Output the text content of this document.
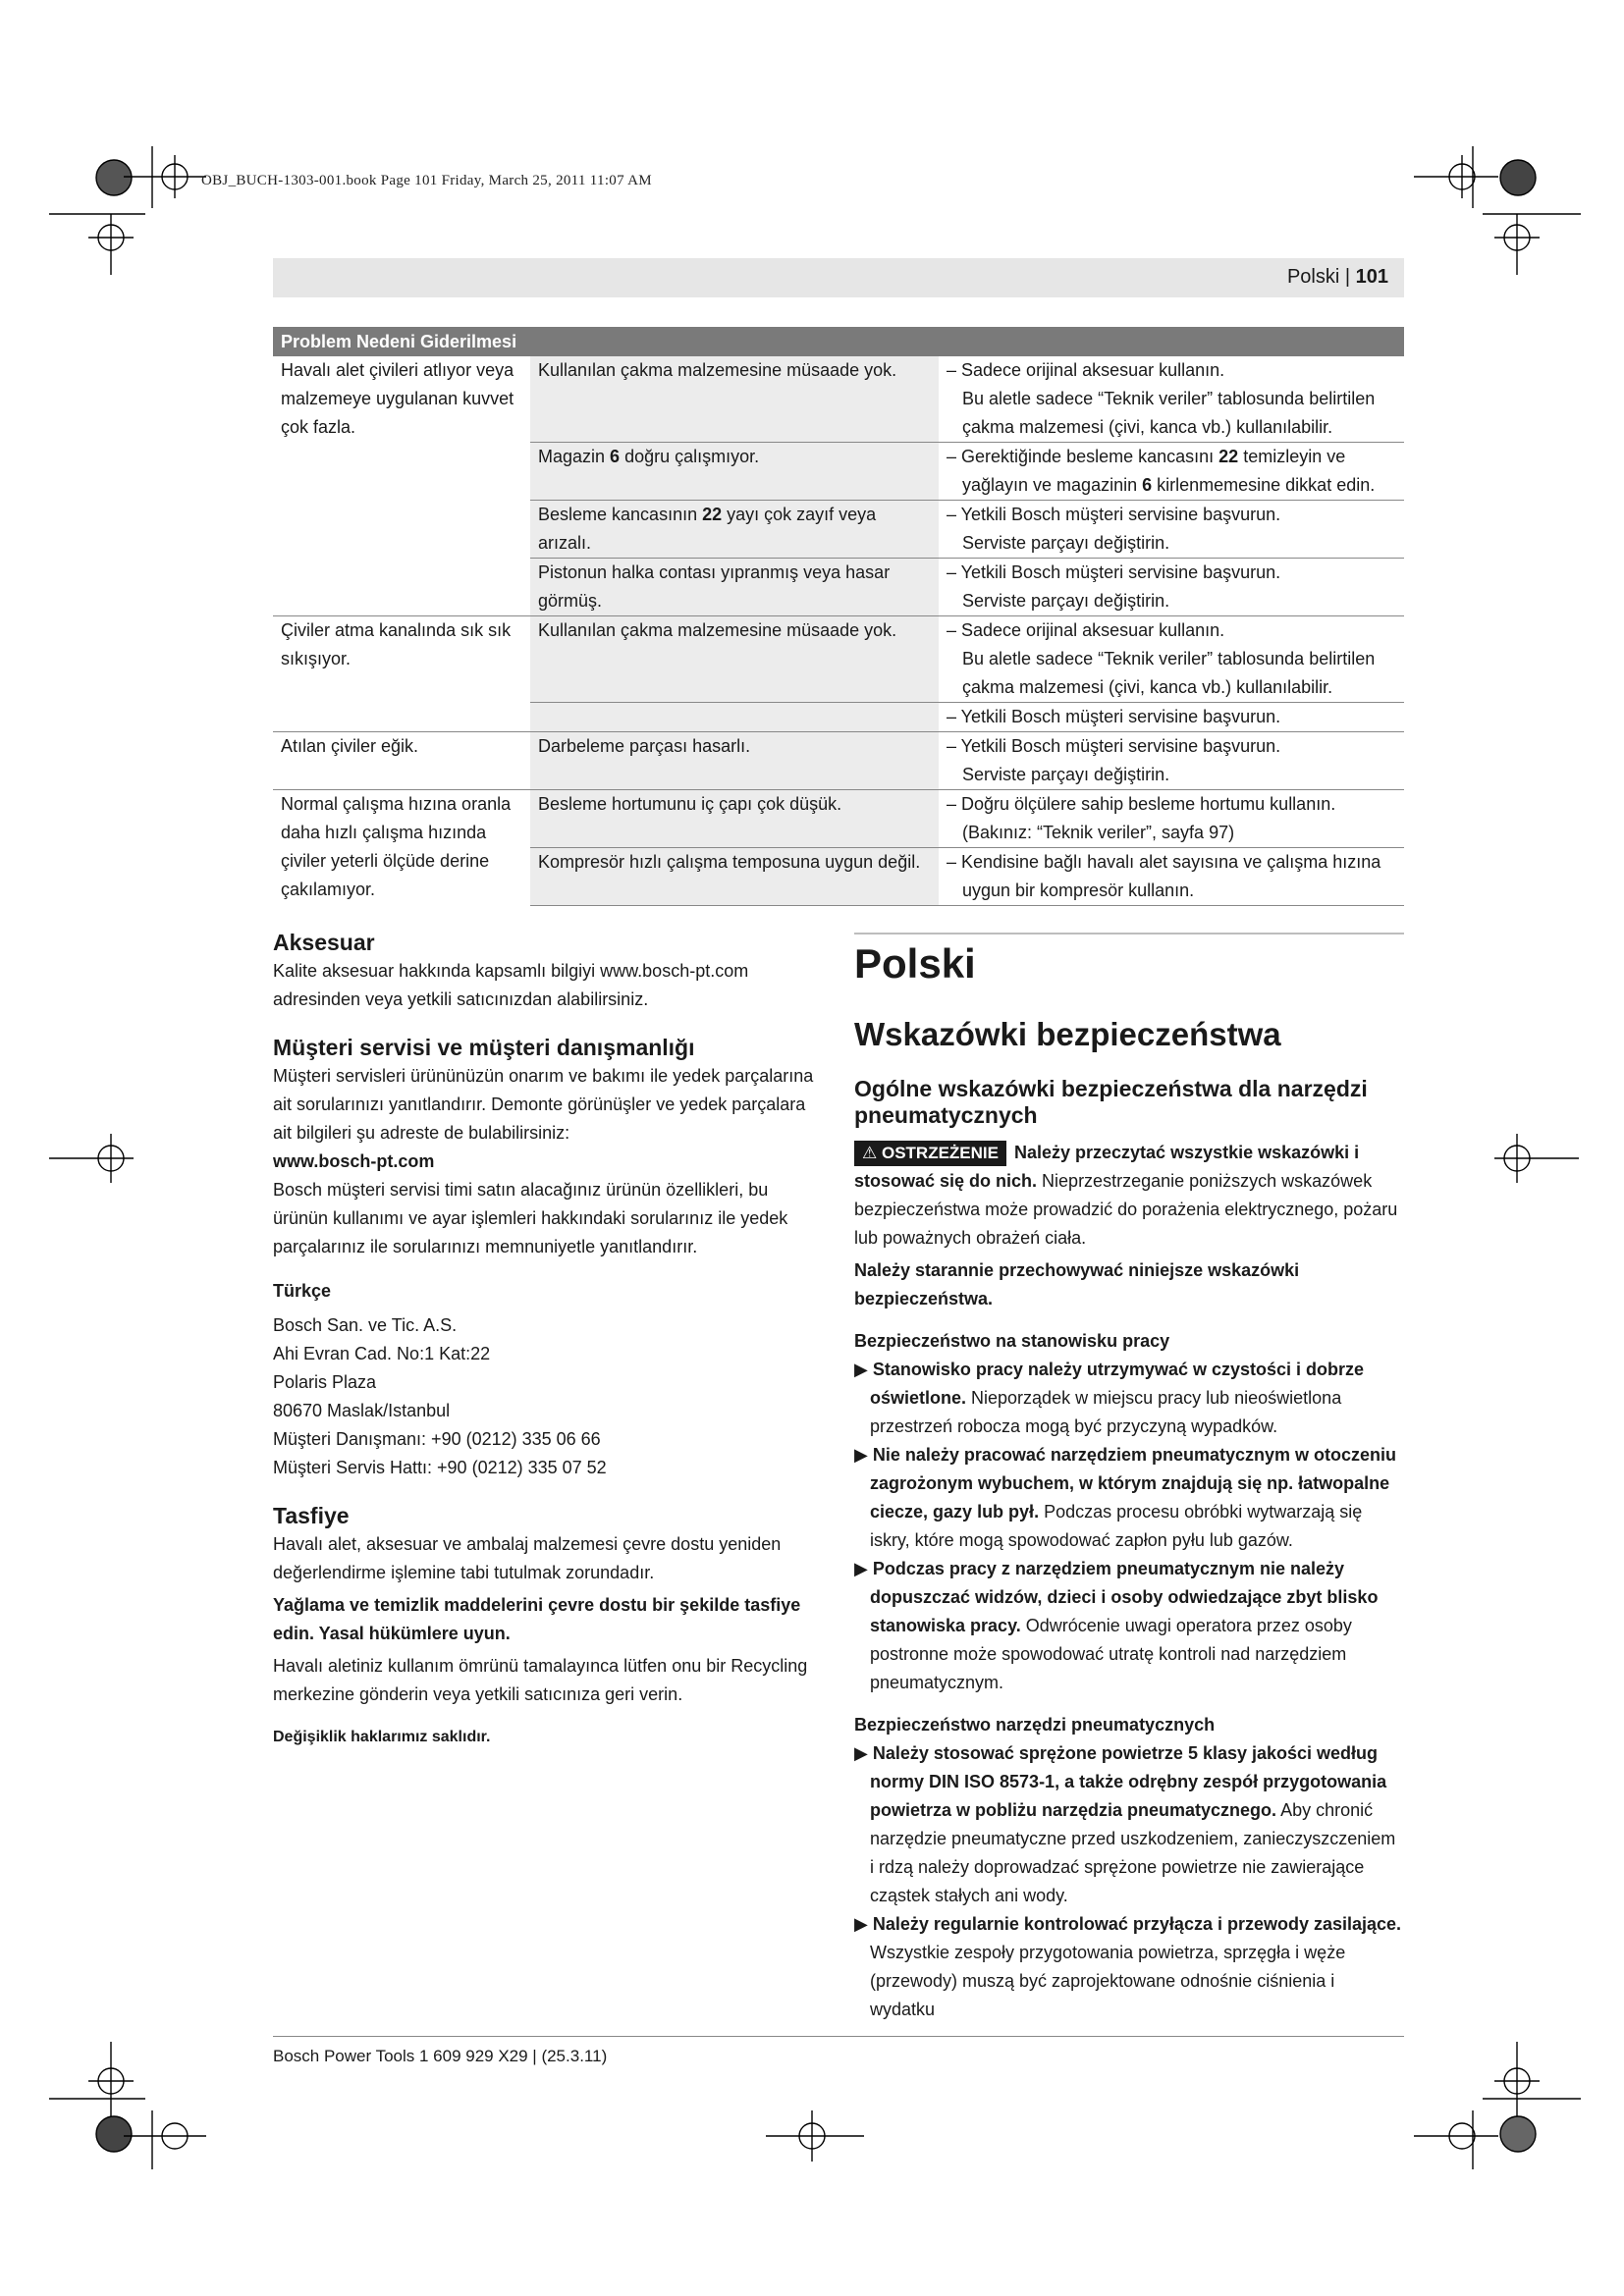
OBJ_BUCH-1303-001.book Page 101 Friday, March 25, 2011 11:07 AM
Polski | 101
Problem Nedeni Giderilmesi		
Havalı alet çivileri atlıyor veya malzemeye uygulanan kuvvet çok fazla.	Kullanılan çakma malzemesine müsaade yok.	– Sadece orijinal aksesuar kullanın.
Bu aletle sadece “Teknik veriler” tablosunda belirtilen çakma malzemesi (çivi, kanca vb.) kullanılabilir.

	Magazin 6 doğru çalışmıyor.	– Gerektiğinde besleme kancasını 22 temizleyin ve yağlayın ve magazinin 6 kirlenmemesine dikkat edin.

	Besleme kancasının 22 yayı çok zayıf veya arızalı.	– Yetkili Bosch müşteri servisine başvurun.
Serviste parçayı değiştirin.

	Pistonun halka contası yıpranmış veya hasar görmüş.	– Yetkili Bosch müşteri servisine başvurun.
Serviste parçayı değiştirin.

Çiviler atma kanalında sık sık sıkışıyor.	Kullanılan çakma malzemesine müsaade yok.	– Sadece orijinal aksesuar kullanın.
Bu aletle sadece “Teknik veriler” tablosunda belirtilen çakma malzemesi (çivi, kanca vb.) kullanılabilir.

		– Yetkili Bosch müşteri servisine başvurun.

Atılan çiviler eğik.	Darbeleme parçası hasarlı.	– Yetkili Bosch müşteri servisine başvurun.
Serviste parçayı değiştirin.

Normal çalışma hızına oranla daha hızlı çalışma hızında çiviler yeterli ölçüde derine çakılamıyor.	Besleme hortumunu iç çapı çok düşük.	– Doğru ölçülere sahip besleme hortumu kullanın.
(Bakınız: “Teknik veriler”, sayfa 97)

	Kompresör hızlı çalışma temposuna uygun değil.	– Kendisine bağlı havalı alet sayısına ve çalışma hızına uygun bir kompresör kullanın.

Aksesuar

Kalite aksesuar hakkında kapsamlı bilgiyi www.bosch-pt.com adresinden veya yetkili satıcınızdan alabilirsiniz.

Müşteri servisi ve müşteri danışmanlığı

Müşteri servisleri ürününüzün onarım ve bakımı ile yedek parçalarına ait sorularınızı yanıtlandırır. Demonte görünüşler ve yedek parçalara ait bilgileri şu adreste de bulabilirsiniz:

www.bosch-pt.com

Bosch müşteri servisi timi satın alacağınız ürünün özellikleri, bu ürünün kullanımı ve ayar işlemleri hakkındaki sorularınız ile yedek parçalarınız ile sorularınızı memnuniyetle yanıtlandırır.

Türkçe

Bosch San. ve Tic. A.S.

Ahi Evran Cad. No:1 Kat:22

Polaris Plaza

80670 Maslak/Istanbul

Müşteri Danışmanı: +90 (0212) 335 06 66

Müşteri Servis Hattı: +90 (0212) 335 07 52

Tasfiye

Havalı alet, aksesuar ve ambalaj malzemesi çevre dostu yeniden değerlendirme işlemine tabi tutulmak zorundadır.

Yağlama ve temizlik maddelerini çevre dostu bir şekilde tasfiye edin. Yasal hükümlere uyun.

Havalı aletiniz kullanım ömrünü tamalayınca lütfen onu bir Recycling merkezine gönderin veya yetkili satıcınıza geri verin.

Değişiklik haklarımız saklıdır.

Polski

Wskazówki bezpieczeństwa

Ogólne wskazówki bezpieczeństwa dla narzędzi pneumatycznych

⚠ OSTRZEŻENIE Należy przeczytać wszystkie wskazówki i stosować się do nich. Nieprzestrzeganie poniższych wskazówek bezpieczeństwa może prowadzić do porażenia elektrycznego, pożaru lub poważnych obrażeń ciała.

Należy starannie przechowywać niniejsze wskazówki bezpieczeństwa.

Bezpieczeństwo na stanowisku pracy

▶ Stanowisko pracy należy utrzymywać w czystości i dobrze oświetlone. Nieporządek w miejscu pracy lub nieoświetlona przestrzeń robocza mogą być przyczyną wypadków.

▶ Nie należy pracować narzędziem pneumatycznym w otoczeniu zagrożonym wybuchem, w którym znajdują się np. łatwopalne ciecze, gazy lub pył. Podczas procesu obróbki wytwarzają się iskry, które mogą spowodować zapłon pyłu lub gazów.

▶ Podczas pracy z narzędziem pneumatycznym nie należy dopuszczać widzów, dzieci i osoby odwiedzające zbyt blisko stanowiska pracy. Odwrócenie uwagi operatora przez osoby postronne może spowodować utratę kontroli nad narzędziem pneumatycznym.

Bezpieczeństwo narzędzi pneumatycznych

▶ Należy stosować sprężone powietrze 5 klasy jakości według normy DIN ISO 8573-1, a także odrębny zespół przygotowania powietrza w pobliżu narzędzia pneumatycznego. Aby chronić narzędzie pneumatyczne przed uszkodzeniem, zanieczyszczeniem i rdzą należy doprowadzać sprężone powietrze nie zawierające cząstek stałych ani wody.

▶ Należy regularnie kontrolować przyłącza i przewody zasilające. Wszystkie zespoły przygotowania powietrza, sprzęgła i węże (przewody) muszą być zaprojektowane odnośnie ciśnienia i wydatku

Bosch Power Tools 1 609 929 X29 | (25.3.11)
